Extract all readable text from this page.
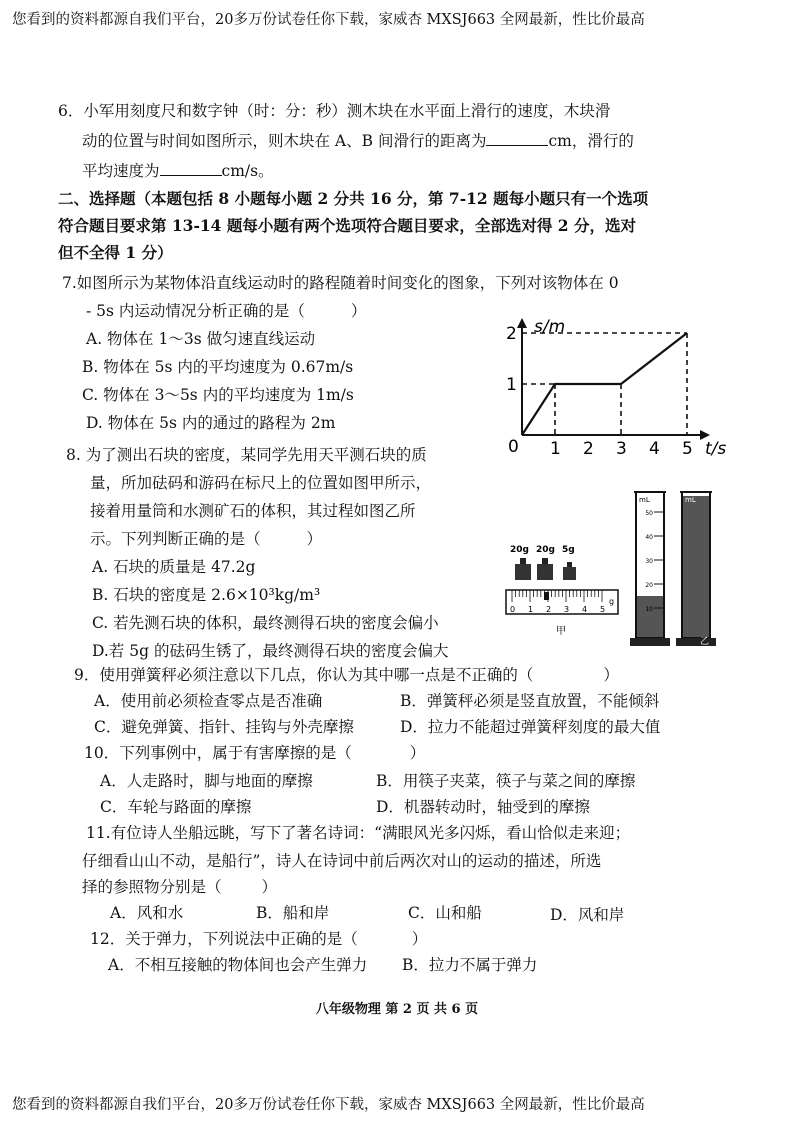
您看到的资料都源自我们平台，20多万份试卷任你下载，家威杏 MXSJ663 全网最新，性比价最高
6．小军用刻度尺和数字钟（时：分：秒）测木块在水平面上滑行的速度，木块滑
动的位置与时间如图所示，则木块在 A、B 间滑行的距离为	cm，滑行的
平均速度为	cm/s。
二、选择题（本题包括 8 小题每小题 2 分共 16 分，第 7-12 题每小题只有一个选项
符合题目要求第 13-14 题每小题有两个选项符合题目要求，全部选对得 2 分，选对
但不全得 1 分）
7.如图所示为某物体沿直线运动时的路程随着时间变化的图象，下列对该物体在 0
- 5s 内运动情况分析正确的是（	）
A. 物体在 1～3s 做匀速直线运动
B. 物体在 5s 内的平均速度为 0.67m/s
C. 物体在 3～5s 内的平均速度为 1m/s
D. 物体在 5s 内的通过的路程为 2m
0 1 2 3 4 5
1
2 s/m
t/s
8. 为了测出石块的密度，某同学先用天平测石块的质
量，所加砝码和游码在标尺上的位置如图甲所示，
接着用量筒和水测矿石的体积，其过程如图乙所
示。下列判断正确的是（	）
A. 石块的质量是 47.2g
B. 石块的密度是 2.6×10³kg/m³
C. 若先测石块的体积，最终测得石块的密度会偏小
D.若 5g 的砝码生锈了，最终测得石块的密度会偏大
20g 20g 5g
g
0 1 2 3 4 5
甲
mL
50
40
30
20
10
mL
乙
9．使用弹簧秤必须注意以下几点，你认为其中哪一点是不正确的（	）
A．使用前必须检查零点是否准确	B．弹簧秤必须是竖直放置，不能倾斜
C．避免弹簧、指针、挂钩与外壳摩擦	D．拉力不能超过弹簧秤刻度的最大值
10．下列事例中，属于有害摩擦的是（	）
A．人走路时，脚与地面的摩擦	B．用筷子夹菜，筷子与菜之间的摩擦
C．车轮与路面的摩擦	D．机器转动时，轴受到的摩擦
11.有位诗人坐船远眺，写下了著名诗词：“满眼风光多闪烁，看山恰似走来迎；
仔细看山山不动，是船行”，诗人在诗词中前后两次对山的运动的描述，所选
择的参照物分别是（	）
A．风和水	B．船和岸	C．山和船	D．风和岸
12．关于弹力，下列说法中正确的是（	）
A．不相互接触的物体间也会产生弹力 B．拉力不属于弹力
八年级物理 第 2 页 共 6 页
您看到的资料都源自我们平台，20多万份试卷任你下载，家威杏 MXSJ663 全网最新，性比价最高
